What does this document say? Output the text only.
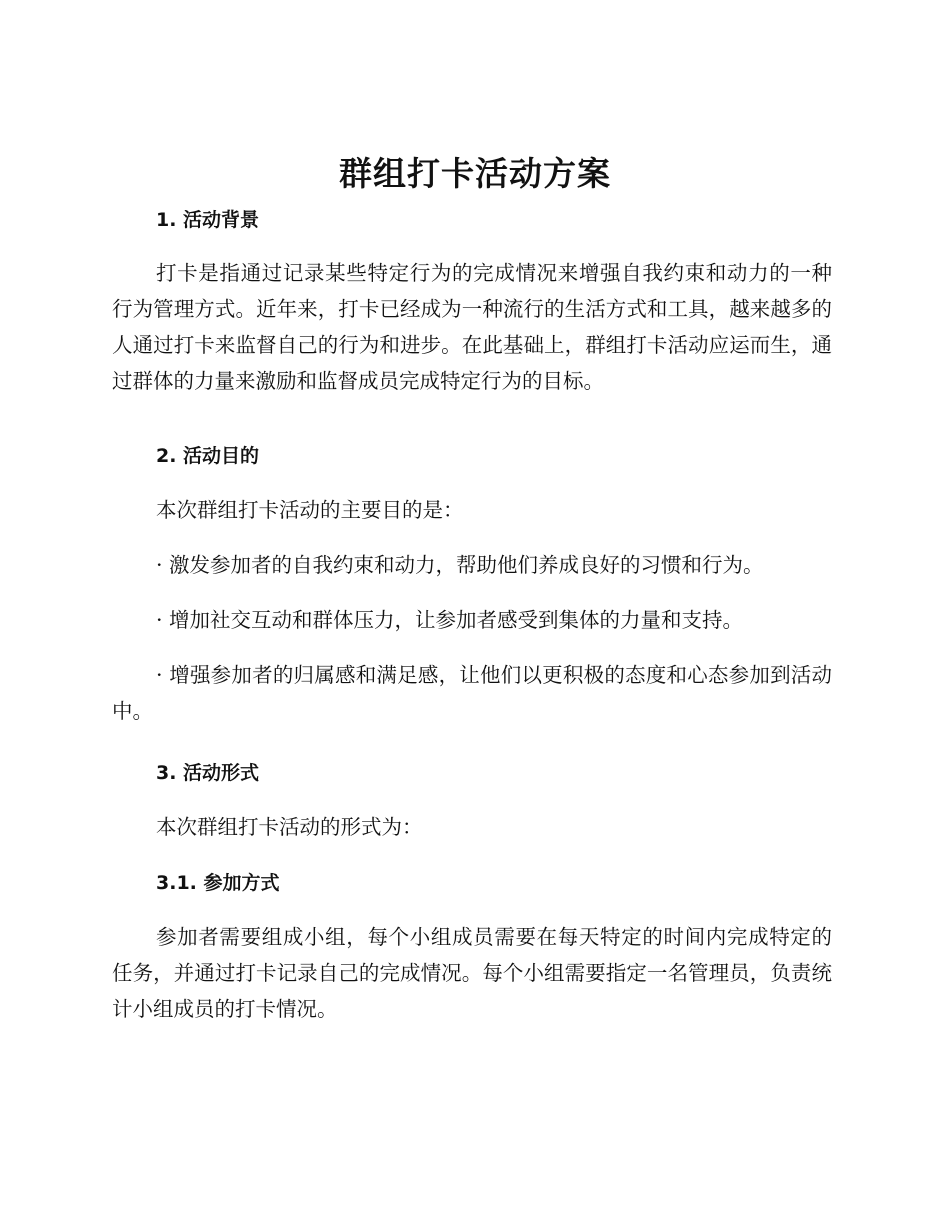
群组打卡活动方案
1. 活动背景
打卡是指通过记录某些特定行为的完成情况来增强自我约束和动力的一种行为管理方式。近年来，打卡已经成为一种流行的生活方式和工具，越来越多的人通过打卡来监督自己的行为和进步。在此基础上，群组打卡活动应运而生，通过群体的力量来激励和监督成员完成特定行为的目标。
2. 活动目的
本次群组打卡活动的主要目的是：
· 激发参加者的自我约束和动力，帮助他们养成良好的习惯和行为。
· 增加社交互动和群体压力，让参加者感受到集体的力量和支持。
· 增强参加者的归属感和满足感，让他们以更积极的态度和心态参加到活动中。
3. 活动形式
本次群组打卡活动的形式为：
3.1. 参加方式
参加者需要组成小组，每个小组成员需要在每天特定的时间内完成特定的任务，并通过打卡记录自己的完成情况。每个小组需要指定一名管理员，负责统计小组成员的打卡情况。
